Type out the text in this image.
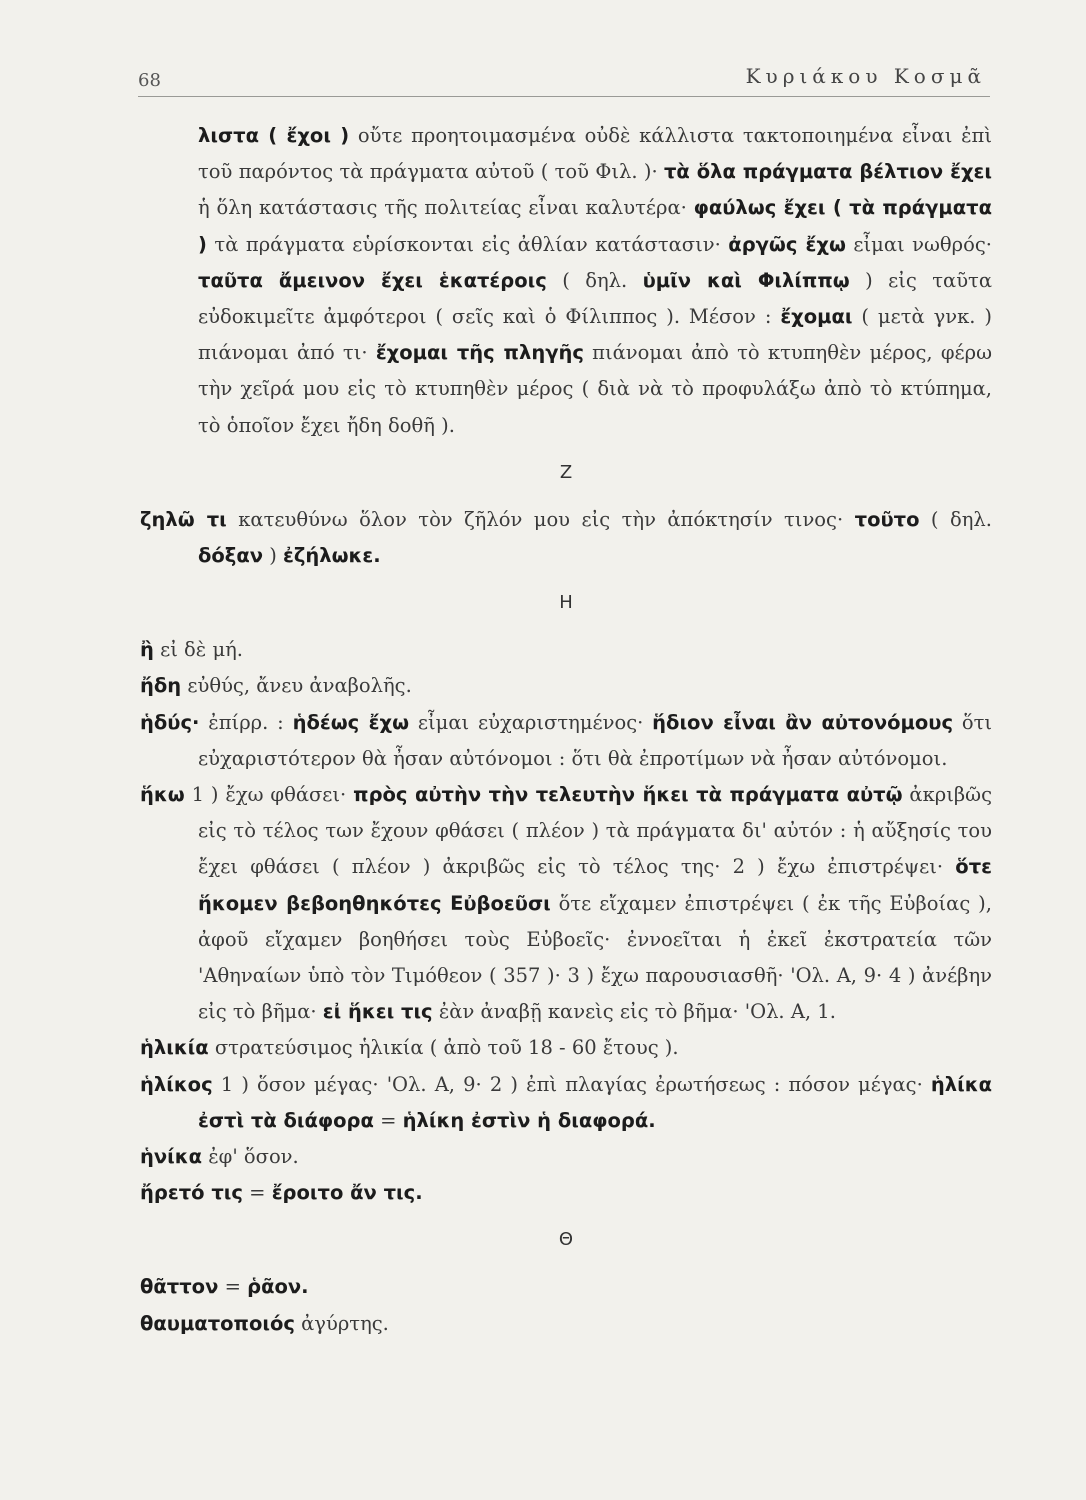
68	Κυριάκου Κοσμᾶ

λιστα ( ἔχοι ) οὔτε προητοιμασμένα οὐδὲ κάλλιστα τακτοποιημένα εἶναι ἐπὶ τοῦ παρόντος τὰ πράγματα αὐτοῦ ( τοῦ Φιλ. )· τὰ ὅλα πράγματα βέλτιον ἔχει ἡ ὅλη κατάστασις τῆς πολιτείας εἶναι καλυτέρα· φαύλως ἔχει ( τὰ πράγματα ) τὰ πράγματα εὑρίσκονται εἰς ἀθλίαν κατάστασιν· ἀργῶς ἔχω εἶμαι νωθρός· ταῦτα ἄμεινον ἔχει ἑκατέροις ( δηλ. ὑμῖν καὶ Φιλίππῳ ) εἰς ταῦτα εὐδοκιμεῖτε ἀμφότεροι ( σεῖς καὶ ὁ Φίλιππος ). Μέσον : ἔχομαι ( μετὰ γνκ. ) πιάνομαι ἀπό τι· ἔχομαι τῆς πληγῆς πιάνομαι ἀπὸ τὸ κτυπηθὲν μέρος, φέρω τὴν χεῖρά μου εἰς τὸ κτυπηθὲν μέρος ( διὰ νὰ τὸ προφυλάξω ἀπὸ τὸ κτύπημα, τὸ ὁποῖον ἔχει ἤδη δοθῆ ).

Ζ

ζηλῶ τι κατευθύνω ὅλον τὸν ζῆλόν μου εἰς τὴν ἀπόκτησίν τινος· τοῦτο ( δηλ. δόξαν ) ἐζήλωκε.

Η

ἢ εἰ δὲ μή.

ἤδη εὐθύς, ἄνευ ἀναβολῆς.

ἡδύς· ἐπίρρ. : ἡδέως ἔχω εἶμαι εὐχαριστημένος· ἥδιον εἶναι ἂν αὐτονόμους ὅτι εὐχαριστότερον θὰ ἦσαν αὐτόνομοι : ὅτι θὰ ἐπροτίμων νὰ ἦσαν αὐτόνομοι.

ἥκω 1 ) ἔχω φθάσει· πρὸς αὐτὴν τὴν τελευτὴν ἥκει τὰ πράγματα αὐτῷ ἀκριβῶς εἰς τὸ τέλος των ἔχουν φθάσει ( πλέον ) τὰ πράγματα δι' αὐτόν : ἡ αὔξησίς του ἔχει φθάσει ( πλέον ) ἀκριβῶς εἰς τὸ τέλος της· 2 ) ἔχω ἐπιστρέψει· ὅτε ἥκομεν βεβοηθηκότες Εὐβοεῦσι ὅτε εἴχαμεν ἐπιστρέψει ( ἐκ τῆς Εὐβοίας ), ἀφοῦ εἴχαμεν βοηθήσει τοὺς Εὐβοεῖς· ἐννοεῖται ἡ ἐκεῖ ἐκστρατεία τῶν 'Αθηναίων ὑπὸ τὸν Τιμόθεον ( 357 )· 3 ) ἔχω παρουσιασθῆ· 'Ολ. Α, 9· 4 ) ἀνέβην εἰς τὸ βῆμα· εἰ ἥκει τις ἐὰν ἀναβῇ κανεὶς εἰς τὸ βῆμα· 'Ολ. Α, 1.

ἡλικία στρατεύσιμος ἡλικία ( ἀπὸ τοῦ 18 - 60 ἔτους ).

ἡλίκος 1 ) ὅσον μέγας· 'Ολ. Α, 9· 2 ) ἐπὶ πλαγίας ἐρωτήσεως : πόσον μέγας· ἡλίκα ἐστὶ τὰ διάφορα = ἡλίκη ἐστὶν ἡ διαφορά.

ἡνίκα ἐφ' ὅσον.

ἤρετό τις = ἔροιτο ἄν τις.

Θ

θᾶττον = ῥᾶον.

θαυματοποιός ἀγύρτης.
